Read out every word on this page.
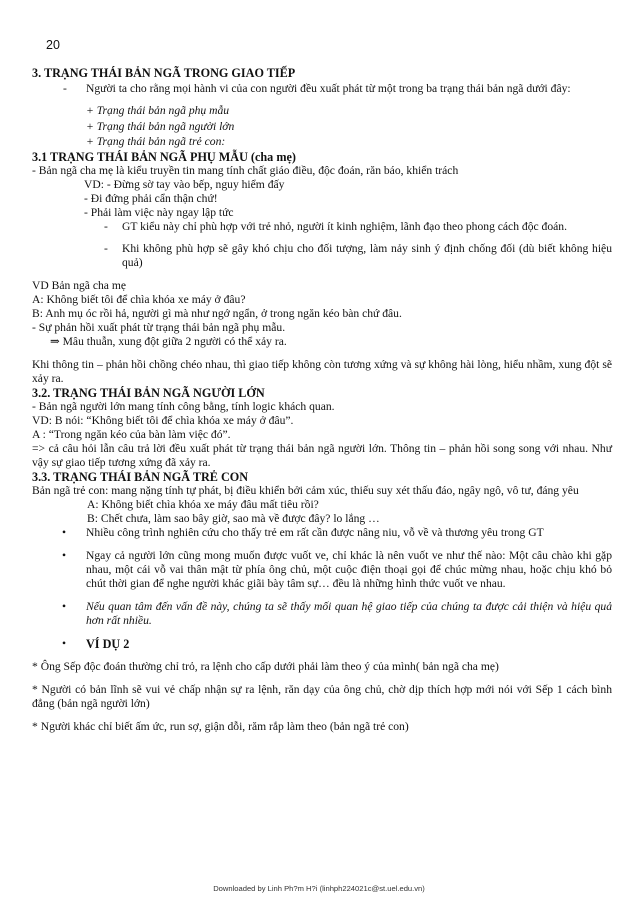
20

3. TRẠNG THÁI BẢN NGÃ TRONG GIAO TIẾP

-	Người ta cho rằng mọi hành vi của con người đều xuất phát từ một trong ba trạng thái bản ngã dưới đây:

+ Trạng thái bản ngã phụ mẫu

+ Trạng thái bản ngã người lớn

+ Trạng thái bản ngã trẻ con:

3.1 TRẠNG THÁI BẢN NGÃ PHỤ MẪU (cha mẹ)

- Bản ngã cha mẹ là kiểu truyền tin mang tính chất giáo điều, độc đoán, răn báo, khiển trách

VD: - Đừng sờ tay vào bếp, nguy hiểm đấy

- Đi đứng phải cẩn thận chứ!

- Phải làm việc này ngay lập tức

-	GT kiểu này chỉ phù hợp với trẻ nhỏ, người ít kinh nghiệm, lãnh đạo theo phong cách độc đoán.
-	Khi không phù hợp sẽ gây khó chịu cho đối tượng, làm nảy sinh ý định chống đối (dù biết không hiệu quả)

VD Bản ngã cha mẹ

A: Không biết tôi để chìa khóa xe máy ở đâu?

B: Anh mụ óc rồi hả, người gì mà như ngớ ngẩn, ở trong ngăn kéo bàn chứ đâu.

- Sự phản hồi xuất phát từ trạng thái bản ngã phụ mẫu.

⇒ Mâu thuẫn, xung đột giữa 2 người có thể xảy ra.

Khi thông tin – phản hồi chồng chéo nhau, thì giao tiếp không còn tương xứng và sự không hài lòng, hiểu nhầm, xung đột sẽ xảy ra.

3.2. TRẠNG THÁI BẢN NGÃ NGƯỜI LỚN

- Bản ngã người lớn mang tính công bằng, tính logic khách quan.

VD: B nói: “Không biết tôi để chìa khóa xe máy ở đâu”.

A : “Trong ngăn kéo của bàn làm việc đó”.

=> cả câu hỏi lẫn câu trả lời đều xuất phát từ trạng thái bản ngã người lớn. Thông tin – phản hồi song song với nhau. Như vậy sự giao tiếp tương xứng đã xảy ra.

3.3. TRẠNG THÁI BẢN NGÃ TRẺ CON

Bản ngã trẻ con: mang nặng tính tự phát, bị điều khiển bởi cảm xúc, thiếu suy xét thấu đáo, ngây ngô, vô tư, đáng yêu

A: Không biết chìa khóa xe máy đâu mất tiêu rồi?

B: Chết chưa, làm sao bây giờ, sao mà về được đây? lo lắng …

•	Nhiều công trình nghiên cứu cho thấy trẻ em rất cần được nâng niu, vỗ về và thương yêu trong GT
•	Ngay cả người lớn cũng mong muốn được vuốt ve, chỉ khác là nên vuốt ve như thế nào: Một câu chào khi gặp nhau, một cái vỗ vai thân mật từ phía ông chủ, một cuộc điện thoại gọi để chúc mừng nhau, hoặc chịu khó bỏ chút thời gian để nghe người khác giãi bày tâm sự… đều là những hình thức vuốt ve nhau.
•	Nếu quan tâm đến vấn đề này, chúng ta sẽ thấy mối quan hệ giao tiếp của chúng ta được cải thiện và hiệu quả hơn rất nhiều.
•	VÍ DỤ 2

* Ông Sếp độc đoán thường chỉ trỏ, ra lệnh cho cấp dưới phải làm theo ý của mình( bản ngã cha mẹ)

* Người có bản lĩnh sẽ vui vẻ chấp nhận sự ra lệnh, răn dạy của ông chủ, chờ dịp thích hợp mới nói với Sếp 1 cách bình đẳng (bản ngã người lớn)

* Người khác chỉ biết ấm ức, run sợ, giận dỗi, răm rắp làm theo (bản ngã trẻ con)

Downloaded by Linh Ph?m H?i (linhph224021c@st.uel.edu.vn)
